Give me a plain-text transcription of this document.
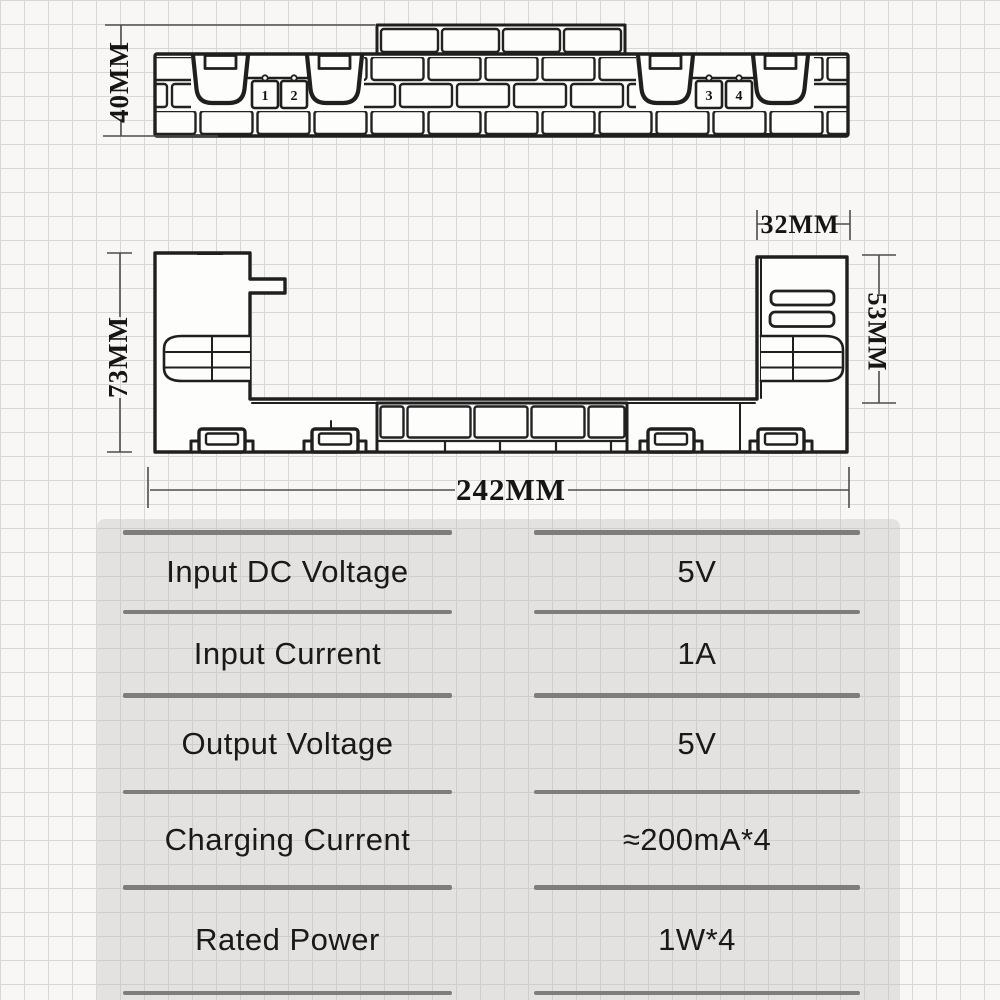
1 2	3 4
40MM
73MM
32MM
53MM
242MM
Input DC Voltage	5V
Input Current	1A
Output Voltage	5V
Charging Current	≈200mA*4
Rated Power	1W*4
